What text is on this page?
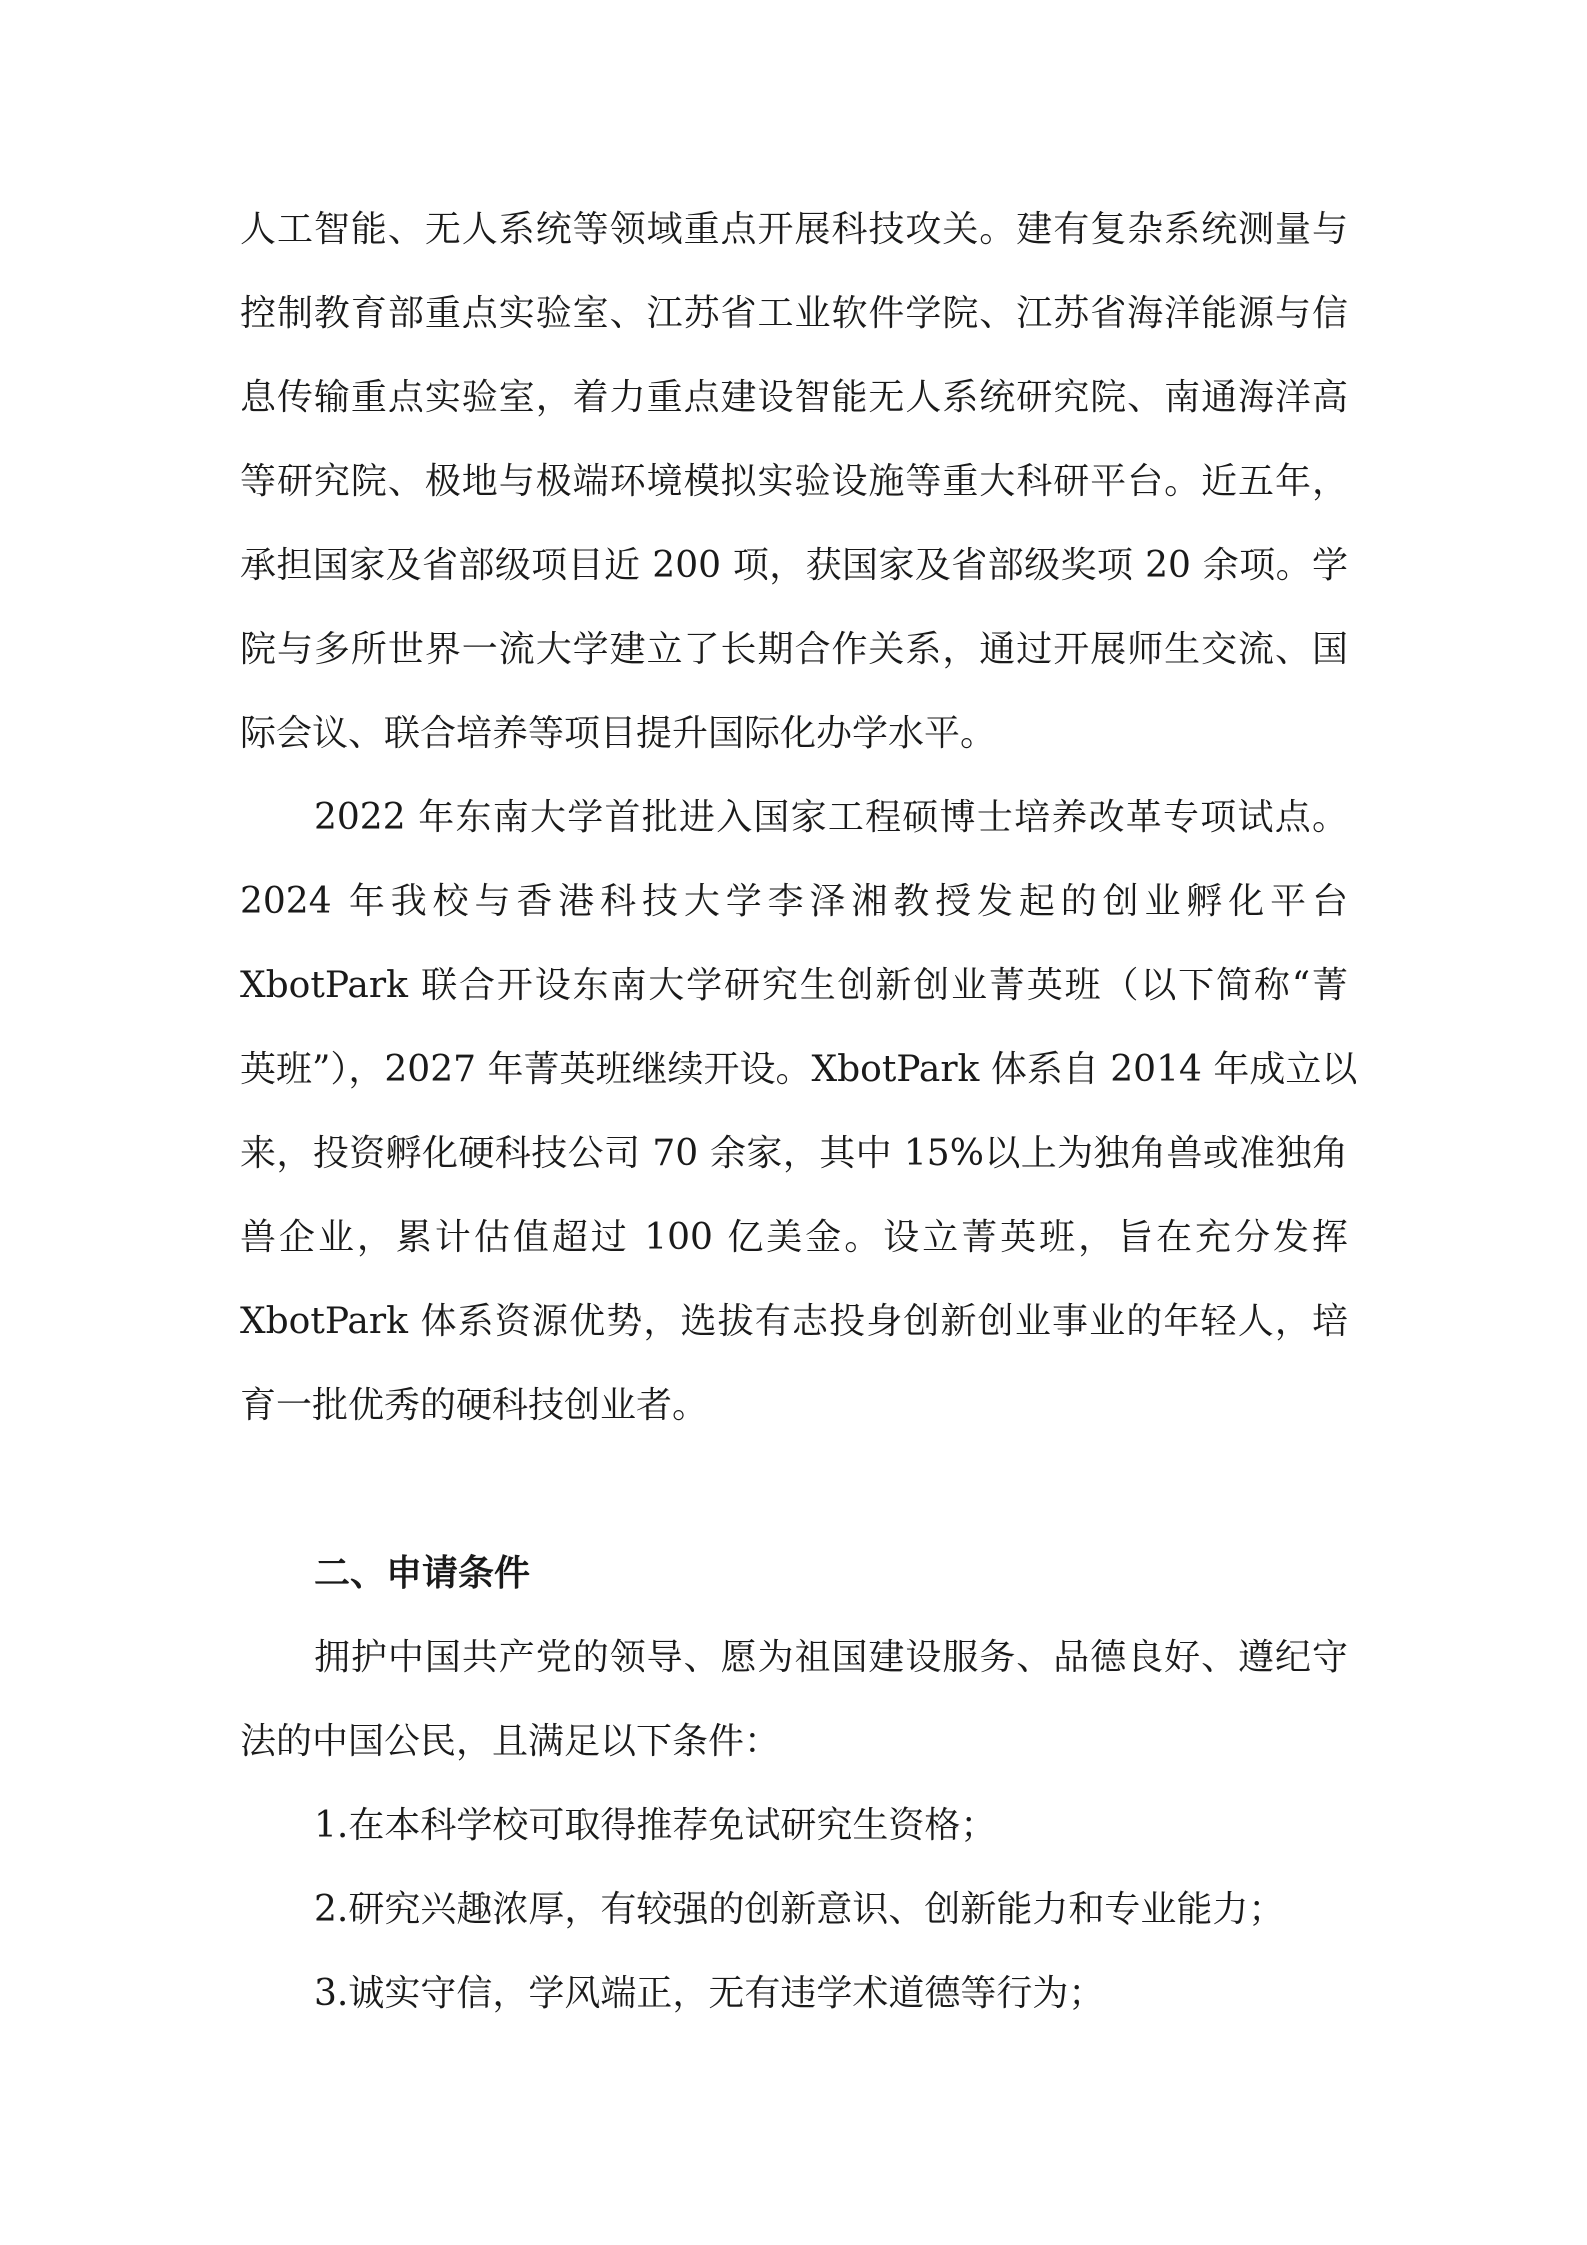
人工智能、无人系统等领域重点开展科技攻关。建有复杂系统测量与
控制教育部重点实验室、江苏省工业软件学院、江苏省海洋能源与信
息传输重点实验室，着力重点建设智能无人系统研究院、南通海洋高
等研究院、极地与极端环境模拟实验设施等重大科研平台。近五年，
承担国家及省部级项目近 200 项，获国家及省部级奖项 20 余项。学
院与多所世界一流大学建立了长期合作关系，通过开展师生交流、国
际会议、联合培养等项目提升国际化办学水平。
2022 年东南大学首批进入国家工程硕博士培养改革专项试点。
2024 年我校与香港科技大学李泽湘教授发起的创业孵化平台
XbotPark 联合开设东南大学研究生创新创业菁英班（以下简称“菁
英班”），2027 年菁英班继续开设。XbotPark 体系自 2014 年成立以
来，投资孵化硬科技公司 70 余家，其中 15%以上为独角兽或准独角
兽企业，累计估值超过 100 亿美金。设立菁英班，旨在充分发挥
XbotPark 体系资源优势，选拔有志投身创新创业事业的年轻人，培
育一批优秀的硬科技创业者。
二、申请条件
拥护中国共产党的领导、愿为祖国建设服务、品德良好、遵纪守
法的中国公民，且满足以下条件：
1.在本科学校可取得推荐免试研究生资格；
2.研究兴趣浓厚，有较强的创新意识、创新能力和专业能力；
3.诚实守信，学风端正，无有违学术道德等行为；
